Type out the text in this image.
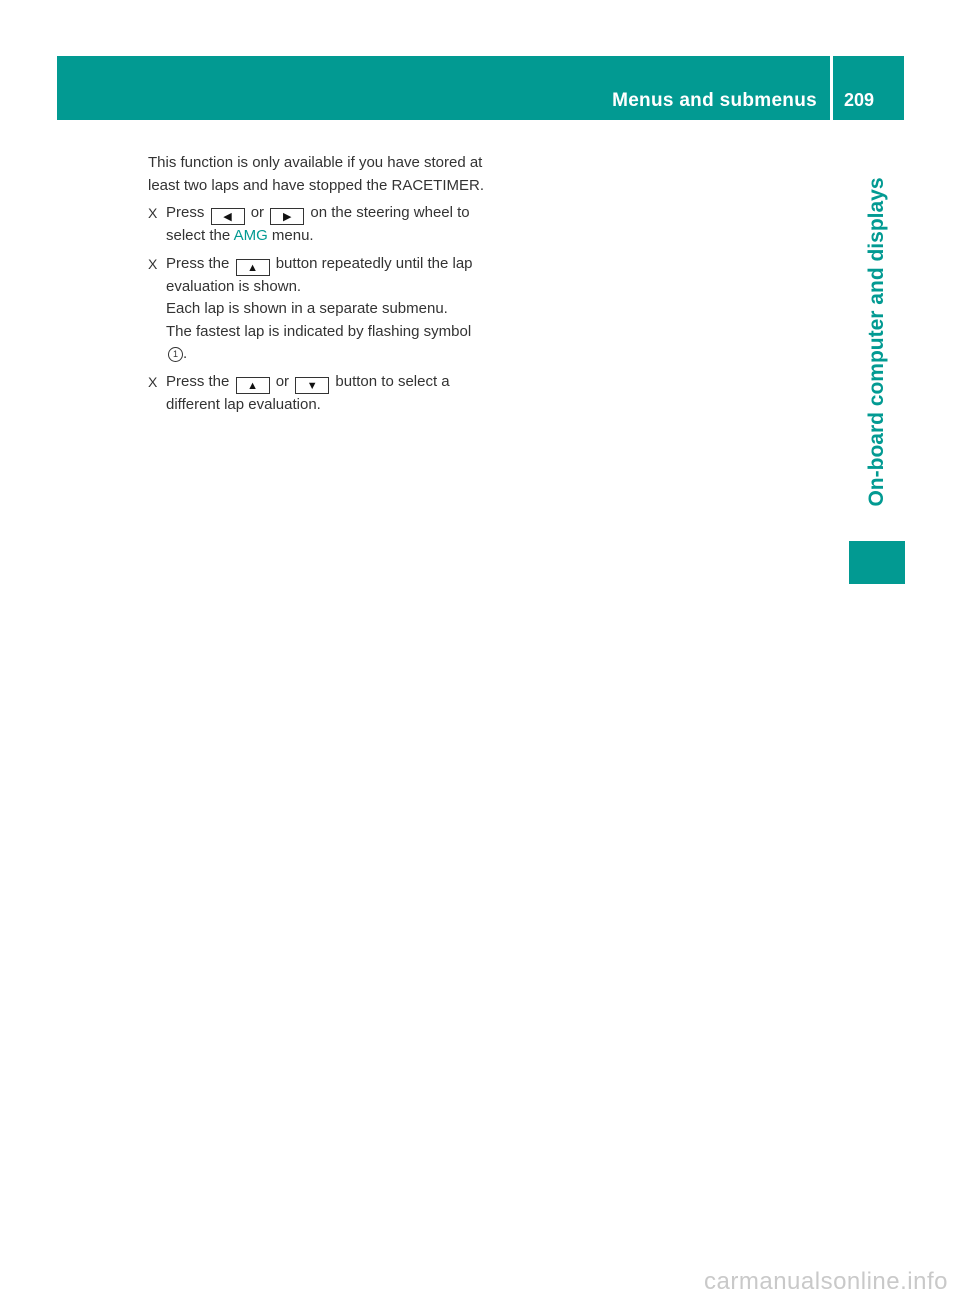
Menus and submenus 209
On-board computer and displays

This function is only available if you have stored at least two laps and have stopped the RACETIMER.

X Press ◀ or ▶ on the steering wheel to select the AMG menu.
X Press the ▲ button repeatedly until the lap evaluation is shown.
Each lap is shown in a separate submenu.
The fastest lap is indicated by flashing symbol 1 .
X Press the ▲ or ▼ button to select a different lap evaluation.
carmanualsonline.info
